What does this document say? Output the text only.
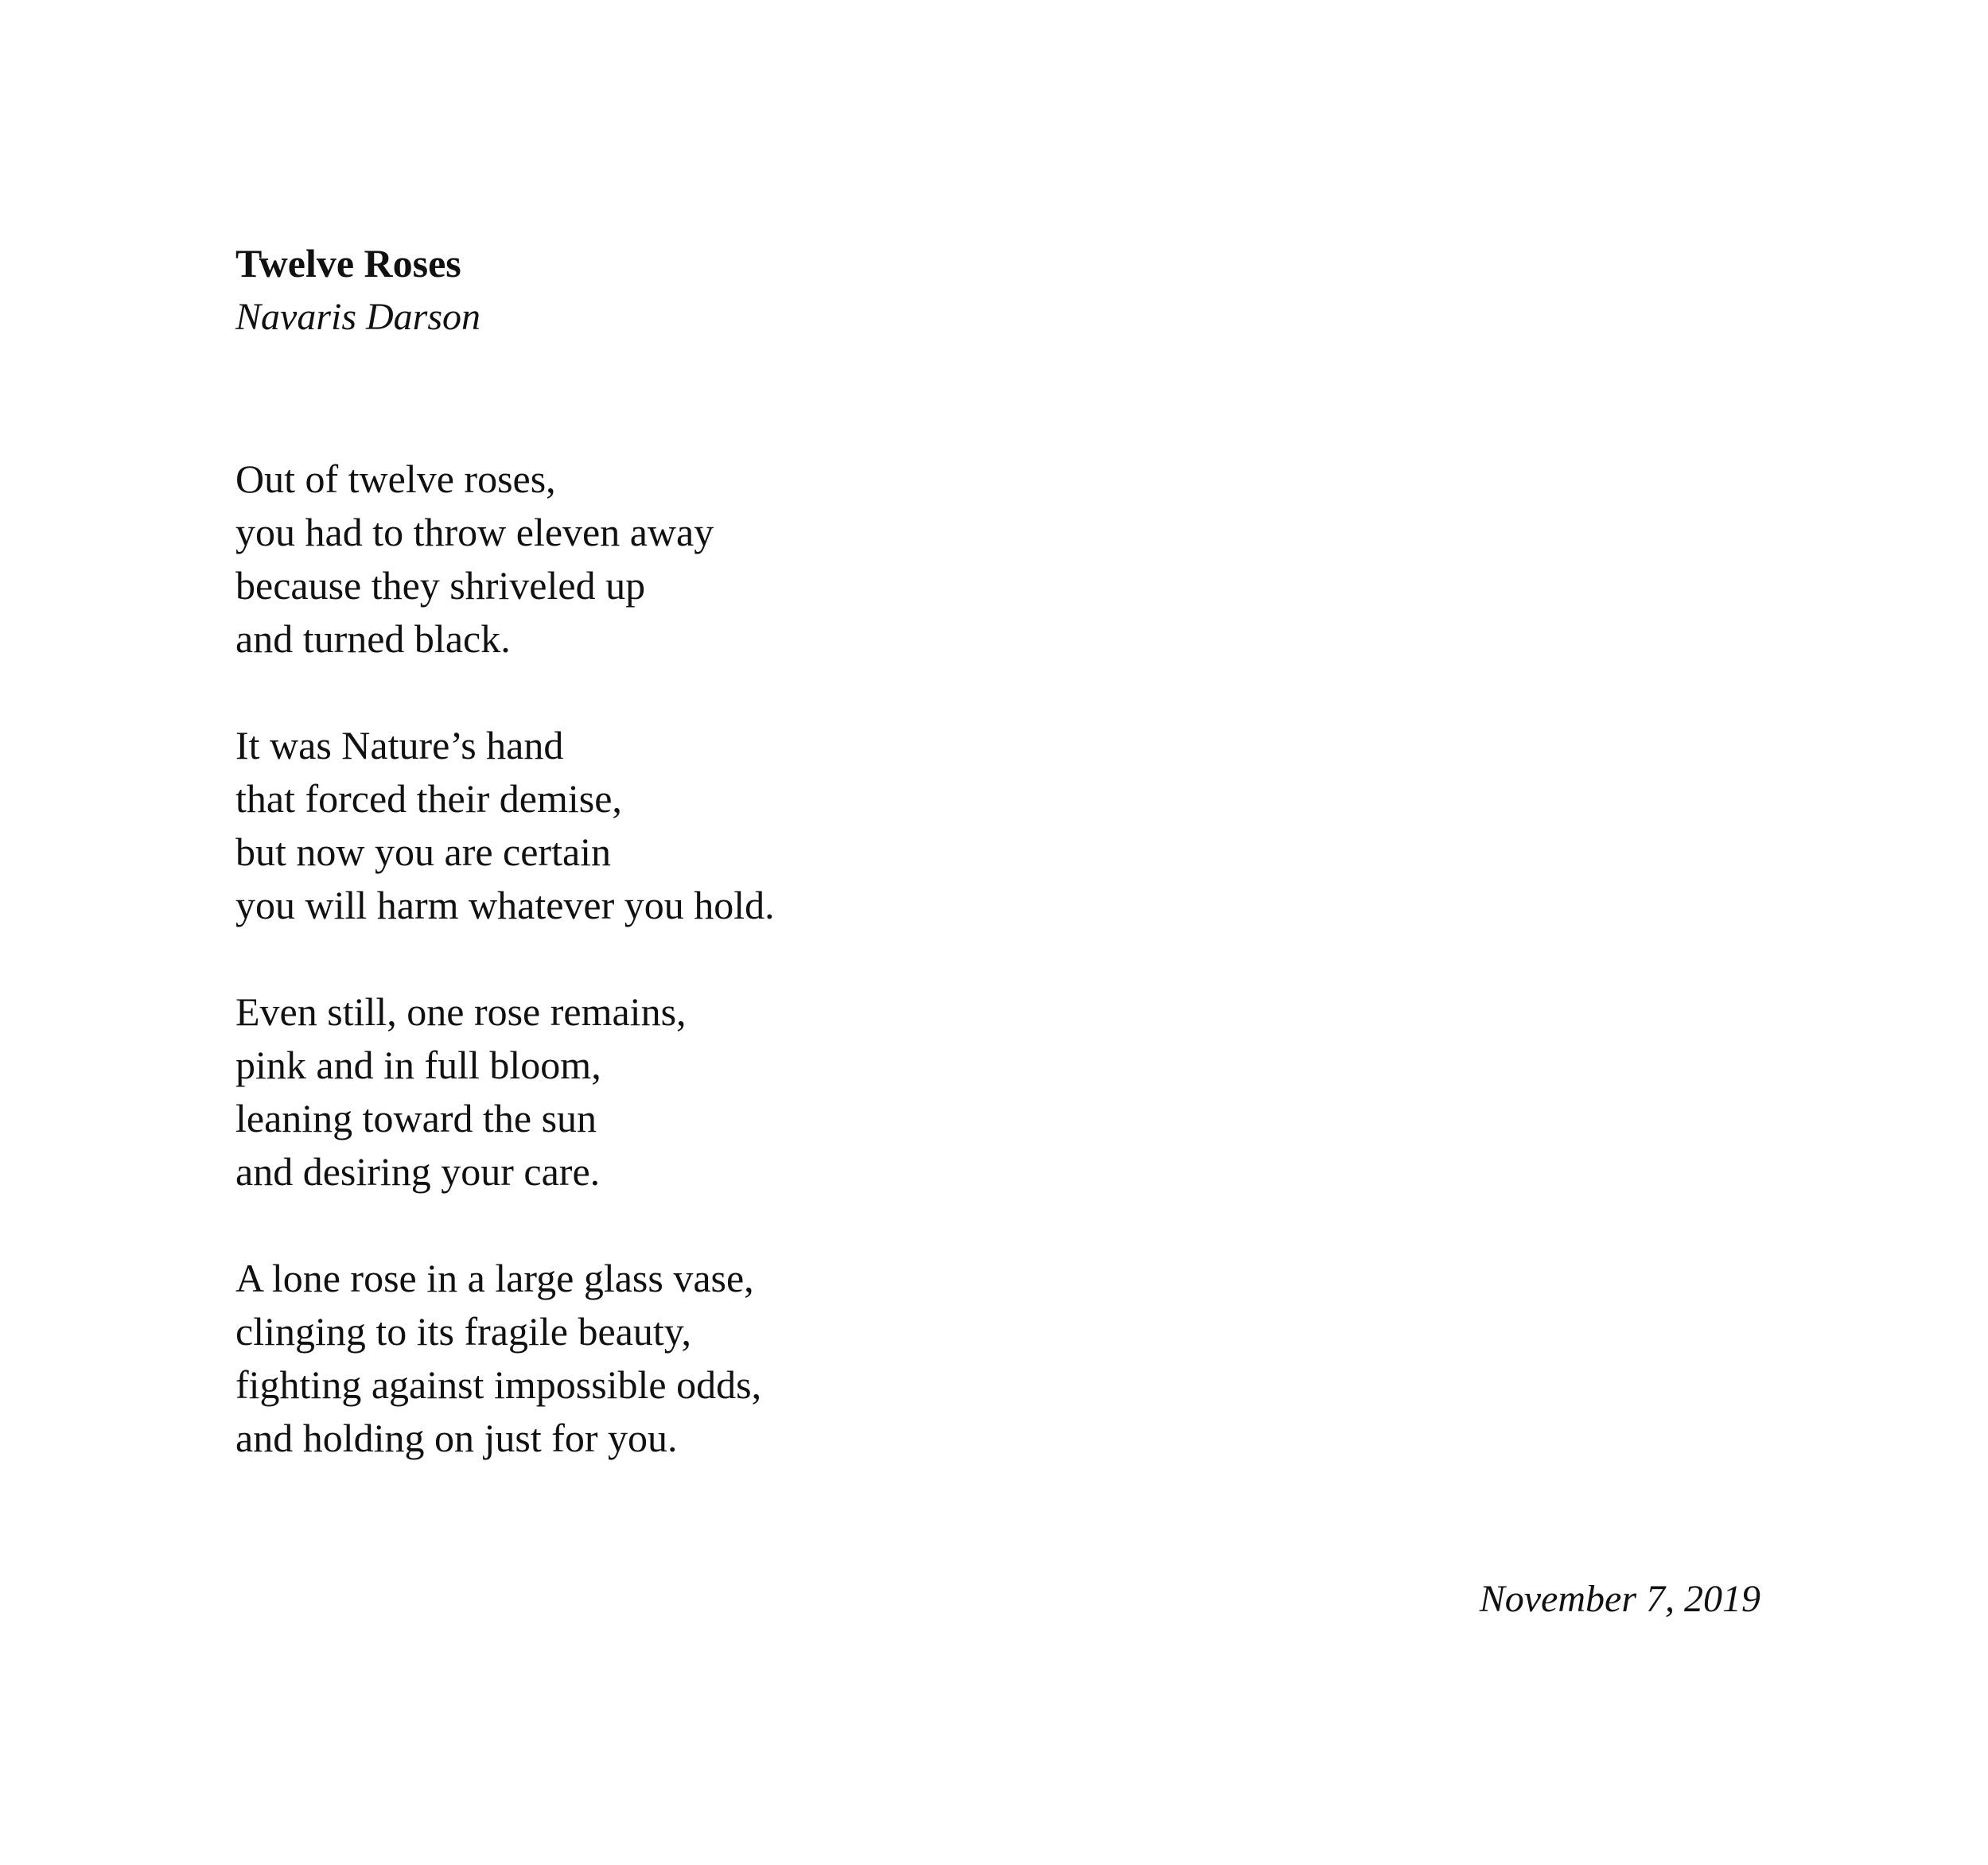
Twelve Roses
Navaris Darson
Out of twelve roses,
you had to throw eleven away
because they shriveled up
and turned black.
It was Nature’s hand
that forced their demise,
but now you are certain
you will harm whatever you hold.
Even still, one rose remains,
pink and in full bloom,
leaning toward the sun
and desiring your care.
A lone rose in a large glass vase,
clinging to its fragile beauty,
fighting against impossible odds,
and holding on just for you.
November 7, 2019
